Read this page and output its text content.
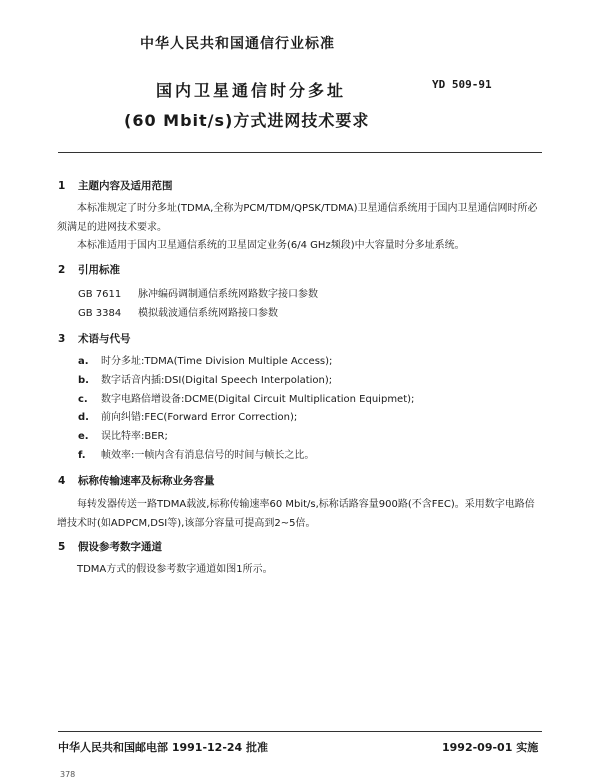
中华人民共和国通信行业标准
国内卫星通信时分多址	YD 509-91
(60 Mbit/s)方式进网技术要求
1 主题内容及适用范围
本标准规定了时分多址(TDMA,全称为PCM/TDM/QPSK/TDMA)卫星通信系统用于国内卫星通信网时所必须满足的进网技术要求。
本标准适用于国内卫星通信系统的卫星固定业务(6/4 GHz频段)中大容量时分多址系统。
2 引用标准
GB 7611 脉冲编码调制通信系统网路数字接口参数
GB 3384 模拟载波通信系统网路接口参数
3 术语与代号
a. 时分多址:TDMA(Time Division Multiple Access);
b. 数字话音内插:DSI(Digital Speech Interpolation);
c. 数字电路倍增设备:DCME(Digital Circuit Multiplication Equipmet);
d. 前向纠错:FEC(Forward Error Correction);
e. 误比特率:BER;
f. 帧效率:一帧内含有消息信号的时间与帧长之比。
4 标称传输速率及标称业务容量
每转发器传送一路TDMA载波,标称传输速率60 Mbit/s,标称话路容量900路(不含FEC)。采用数字电路倍增技术时(如ADPCM,DSI等),该部分容量可提高到2~5倍。
5 假设参考数字通道
TDMA方式的假设参考数字通道如图1所示。
中华人民共和国邮电部 1991-12-24 批准	1992-09-01 实施
378
